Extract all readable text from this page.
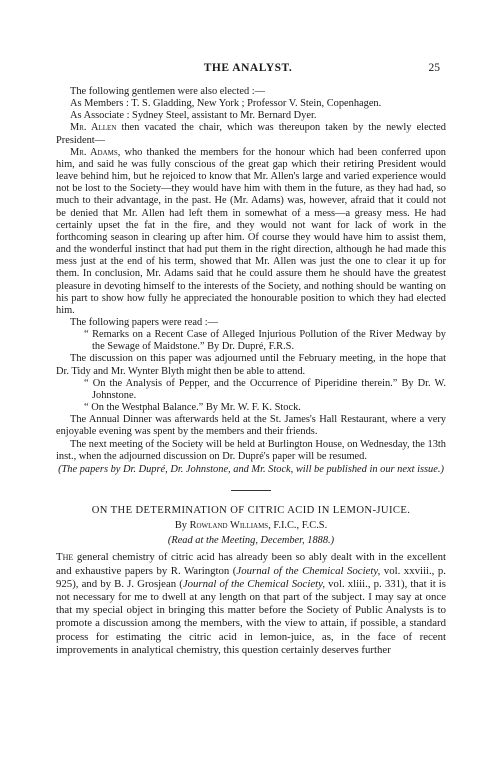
THE ANALYST.	25

The following gentlemen were also elected :—

As Members : T. S. Gladding, New York ; Professor V. Stein, Copenhagen.

As Associate : Sydney Steel, assistant to Mr. Bernard Dyer.

Mr. Allen then vacated the chair, which was thereupon taken by the newly elected President—

Mr. Adams, who thanked the members for the honour which had been conferred upon him, and said he was fully conscious of the great gap which their retiring President would leave behind him, but he rejoiced to know that Mr. Allen's large and varied experience would not be lost to the Society—they would have him with them in the future, as they had had, so much to their advantage, in the past. He (Mr. Adams) was, however, afraid that it could not be denied that Mr. Allen had left them in somewhat of a mess—a greasy mess. He had certainly upset the fat in the fire, and they would not want for lack of work in the forthcoming season in clearing up after him. Of course they would have him to assist them, and the wonderful instinct that had put them in the right direction, although he had made this mess just at the end of his term, showed that Mr. Allen was just the one to clear it up for them. In conclusion, Mr. Adams said that he could assure them he should have the greatest pleasure in devoting himself to the interests of the Society, and nothing should be wanting on his part to show how fully he appreciated the honourable position to which they had elected him.

The following papers were read :—

“ Remarks on a Recent Case of Alleged Injurious Pollution of the River Medway by the Sewage of Maidstone.” By Dr. Dupré, F.R.S.

The discussion on this paper was adjourned until the February meeting, in the hope that Dr. Tidy and Mr. Wynter Blyth might then be able to attend.

“ On the Analysis of Pepper, and the Occurrence of Piperidine therein.” By Dr. W. Johnstone.

“ On the Westphal Balance.” By Mr. W. F. K. Stock.

The Annual Dinner was afterwards held at the St. James's Hall Restaurant, where a very enjoyable evening was spent by the members and their friends.

The next meeting of the Society will be held at Burlington House, on Wednesday, the 13th inst., when the adjourned discussion on Dr. Dupré's paper will be resumed.

(The papers by Dr. Dupré, Dr. Johnstone, and Mr. Stock, will be published in our next issue.)

ON THE DETERMINATION OF CITRIC ACID IN LEMON-JUICE.
By Rowland Williams, F.I.C., F.C.S.
(Read at the Meeting, December, 1888.)

The general chemistry of citric acid has already been so ably dealt with in the excellent and exhaustive papers by R. Warington (Journal of the Chemical Society, vol. xxviii., p. 925), and by B. J. Grosjean (Journal of the Chemical Society, vol. xliii., p. 331), that it is not necessary for me to dwell at any length on that part of the subject. I may say at once that my special object in bringing this matter before the Society of Public Analysts is to promote a discussion among the members, with the view to attain, if possible, a standard process for estimating the citric acid in lemon-juice, as, in the face of recent improvements in analytical chemistry, this question certainly deserves further
